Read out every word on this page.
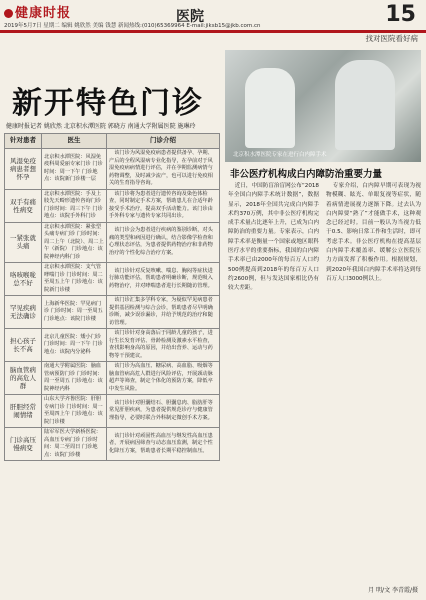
健康时报
2019年5月7日 星期二 编辑 姚欣然 美编 钱慧 新闻热线:(010)65369964 E-mail:jiksb15@jkb.com.cn
医院	15
找对医院看好病
新开特色门诊
健康时报记者 姚欣然 北京积水潭医院 郭晓方 南通大学附属医院 施琳玲
针对患者	医生	门诊介绍
风湿免疫病患者想怀孕	北京积水潭医院：风湿免疫科周爱丽专家门诊 门诊时间：周一下午 门诊地点：该院新门诊楼一层	该门诊为风湿免疫病患者提供备孕、孕期、产后的全程风湿病专业化指导，在孕前对于风湿免疫病病情进行评估，并在孕期监测病情与药物调整，及时减少流产，也可以进行免疫相关的生育指导咨询。
双手有痛性病变	北京积水潭医院：手及上肢先天畸形遗传咨询门诊 门诊时间：周三下午 门诊地点：该院手外科门诊	该门诊将为患者进行遗传咨询及染色体检查，同时制定手术方案，帮助患儿在合适年龄接受手术治疗，提高双手活动能力。该门诊由手外科专家与遗传专家共同出诊。
一紧张就头痛	北京积水潭医院：紧张型头痛专病门诊 门诊时间：周二上午（北院）、周二上午（新院） 门诊地点：该院神经内科门诊	该门诊会为患者进行疾病的鉴别诊断，对头痛的类型和病因进行确认，结合影像学检查和心理状态评估，为患者提供药物治疗和非药物治疗的个性化综合治疗方案。
咯咳喉咙总不好	北京积水潭医院：支气管哮喘门诊 门诊时间：周二至周五上午 门诊地点：该院新门诊楼	该门诊针对反复咳嗽、喘息、胸闷等症状进行肺功能评估，帮助患者明确诊断，规范吸入药物治疗，并对哮喘患者进行长期随访管理。
罕见疾病无法确诊	上海新华医院：罕见病门诊 门诊时间：周一至周五 门诊地点：该院门诊楼	该门诊汇集多学科专家，为疑似罕见病患者提供基因检测与综合会诊，帮助患者尽早明确诊断，减少误诊漏诊，并给予规范的治疗和随访管理。
担心孩子长不高	北京儿童医院：矮小门诊 门诊时间：周一下午 门诊地点：该院内分泌科	该门诊针对身高落后于同龄儿童的孩子，进行生长发育评估、骨龄检测及激素水平检查，查找影响身高的原因，并给出营养、运动与药物等干预建议。
脑血管病的高危人群	南通大学附属医院：脑血管病预防门诊 门诊时间：周一至周五 门诊地点：该院神经内科	该门诊为高血压、糖尿病、高血脂、吸烟等脑血管病高危人群进行风险评估，开展颈动脉超声等筛查，制定个体化的预防方案，降低卒中发生风险。
肝胆经常闹情绪	山东大学齐鲁医院：肝胆专病门诊 门诊时间：周一至周四上午 门诊地点：该院门诊楼	该门诊针对胆囊结石、胆囊息肉、脂肪肝等常见肝胆疾病，为患者提供规范诊疗与健康管理指导，必要时联合外科制定微创手术方案。
门诊高压慢病变	陆军军医大学新桥医院：高血压专病门诊 门诊时间：周二至周日 门诊地点：该院门诊楼	该门诊针对顽固性高血压与继发性高血压患者，开展病因筛查与动态血压监测，制定个性化降压方案，帮助患者长期平稳控制血压。
北京积水潭医院专家在进行白内障手术
非公医疗机构成白内障防治重要力量

近日，中国防盲治盲网公布“2018年全国白内障手术统计数据”，数据显示，2018年全国共完成白内障手术约370万例，其中非公医疗机构完成手术量占比逐年上升，已成为白内障防治的重要力量。专家表示，白内障手术率是衡量一个国家或地区眼科医疗水平的重要指标，我国的白内障手术率已由2000年的每百万人口约500例提高到2018年的每百万人口约2600例，但与发达国家相比仍有较大差距。

专家介绍，白内障早期可表现为视物模糊、眩光、单眼复视等症状，随着病情进展视力逐渐下降。过去认为白内障要“熟了”才能做手术，这种观念已经过时。目前一般认为当视力低于0.5、影响日常工作和生活时，即可考虑手术。非公医疗机构在提高基层白内障手术覆盖率、缓解公立医院压力方面发挥了积极作用。根据规划，到2020年我国白内障手术率将达到每百万人口3000例以上。

月 明/文 李青霞/摄
